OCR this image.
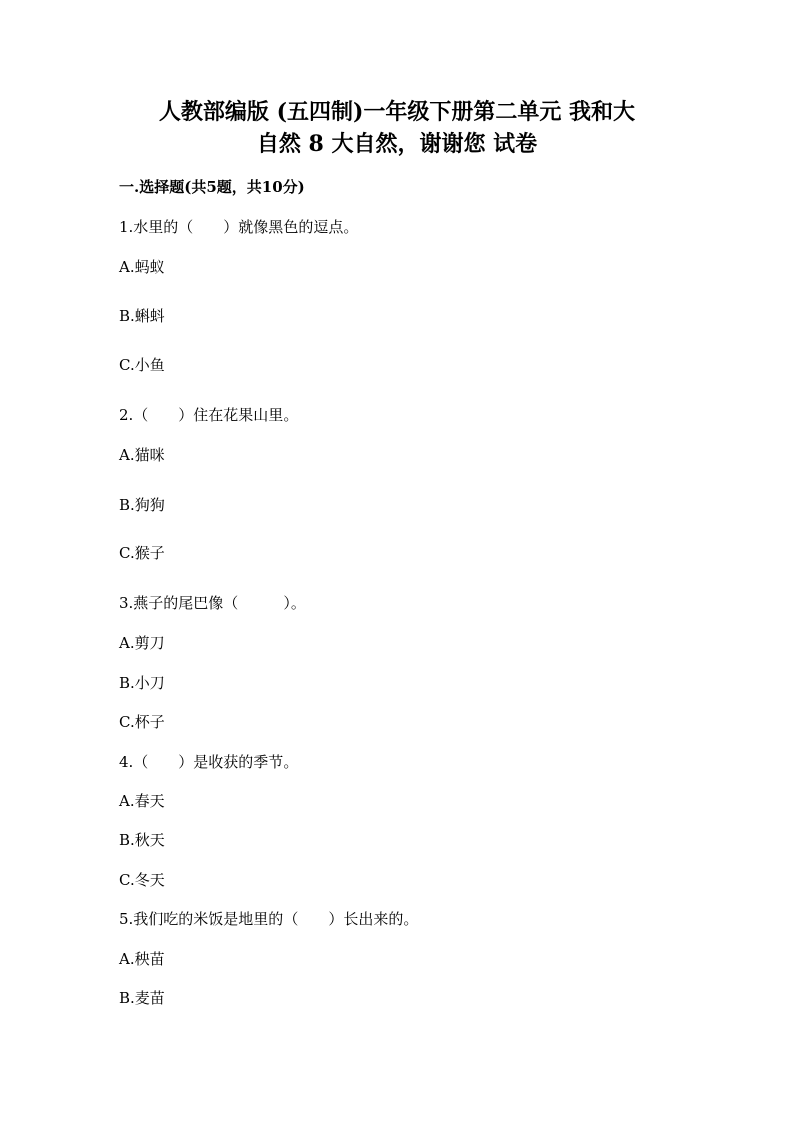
人教部编版 (五四制)一年级下册第二单元 我和大
自然 8 大自然，谢谢您 试卷
一.选择题(共5题，共10分)
1.水里的（　　）就像黑色的逗点。
A.蚂蚁
B.蝌蚪
C.小鱼
2.（　　）住在花果山里。
A.猫咪
B.狗狗
C.猴子
3.燕子的尾巴像（　　　）。
A.剪刀
B.小刀
C.杯子
4.（　　）是收获的季节。
A.春天
B.秋天
C.冬天
5.我们吃的米饭是地里的（　　）长出来的。
A.秧苗
B.麦苗
